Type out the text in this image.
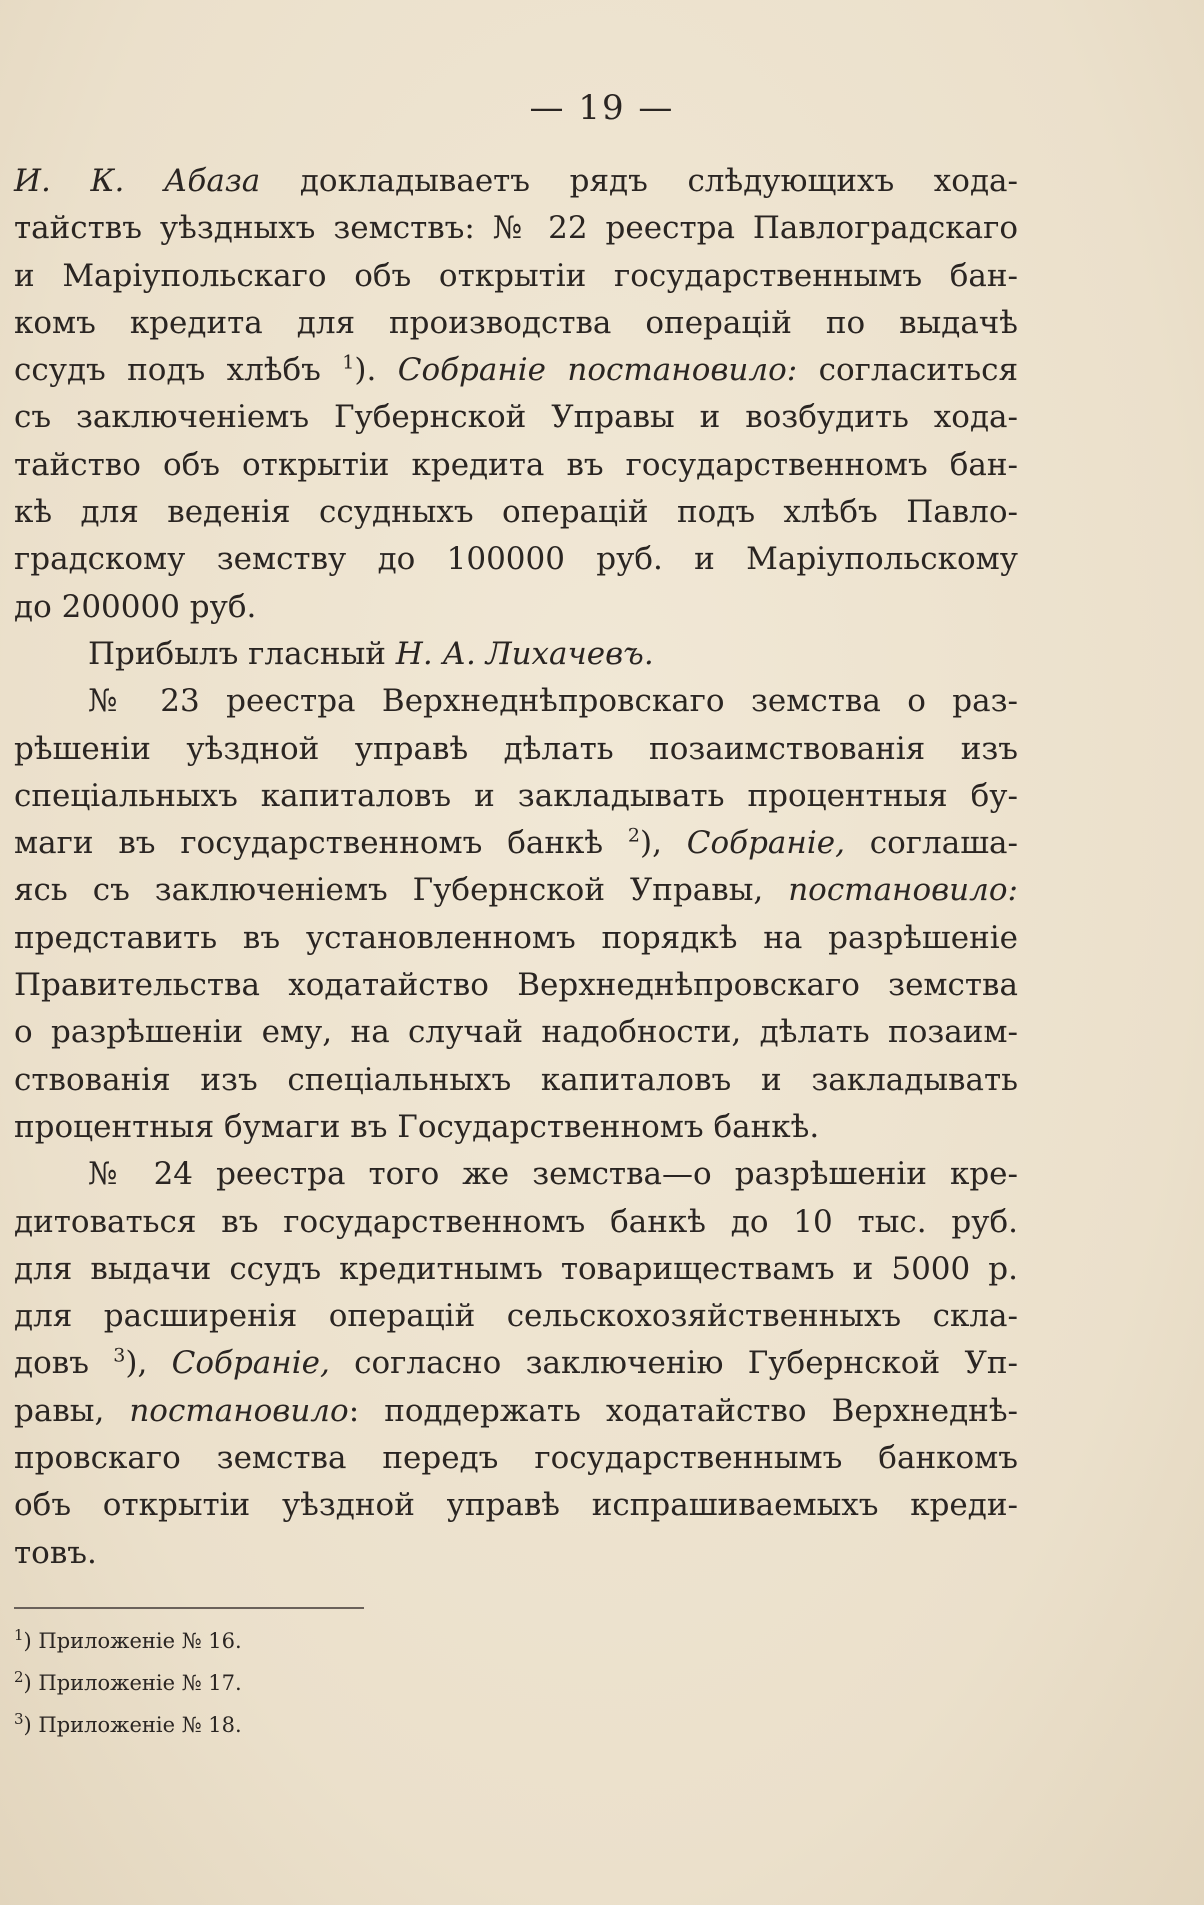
— 19 —
И. К. Абаза докладываетъ рядъ слѣдующихъ хода-
тайствъ уѣздныхъ земствъ: № 22 реестра Павлоградскаго
и Маріупольскаго объ открытіи государственнымъ бан-
комъ кредита для производства операцій по выдачѣ
ссудъ подъ хлѣбъ $^1$). Собраніе постановило: согласиться
съ заключеніемъ Губернской Управы и возбудить хода-
тайство объ открытіи кредита въ государственномъ бан-
кѣ для веденія ссудныхъ операцій подъ хлѣбъ Павло-
градскому земству до 100000 руб. и Маріупольскому
до 200000 руб.
Прибылъ гласный Н. А. Лихачевъ.
№ 23 реестра Верхнеднѣпровскаго земства о раз-
рѣшеніи уѣздной управѣ дѣлать позаимствованія изъ
спеціальныхъ капиталовъ и закладывать процентныя бу-
маги въ государственномъ банкѣ $^2$), Собраніе, соглаша-
ясь съ заключеніемъ Губернской Управы, постановило:
представить въ установленномъ порядкѣ на разрѣшеніе
Правительства ходатайство Верхнеднѣпровскаго земства
о разрѣшеніи ему, на случай надобности, дѣлать позаим-
ствованія изъ спеціальныхъ капиталовъ и закладывать
процентныя бумаги въ Государственномъ банкѣ.
№ 24 реестра того же земства—о разрѣшеніи кре-
дитоваться въ государственномъ банкѣ до 10 тыс. руб.
для выдачи ссудъ кредитнымъ товариществамъ и 5000 р.
для расширенія операцій сельскохозяйственныхъ скла-
довъ $^3$), Собраніе, согласно заключенію Губернской Уп-
равы, постановило: поддержать ходатайство Верхнеднѣ-
провскаго земства передъ государственнымъ банкомъ
объ открытіи уѣздной управѣ испрашиваемыхъ креди-
товъ.
$^1$) Приложеніе № 16.
$^2$) Приложеніе № 17.
$^3$) Приложеніе № 18.
